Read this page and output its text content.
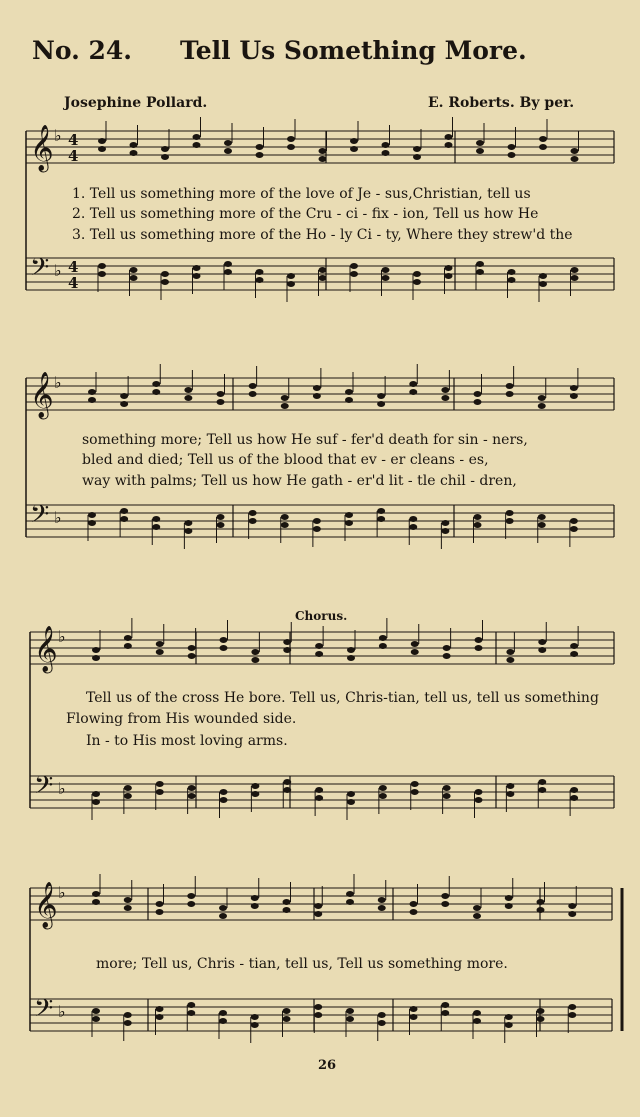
No. 24. Tell Us Something More.
Josephine Pollard.	E. Roberts. By per.
𝄞
𝄢
♭
♭
4
4
4
4
𝄞
𝄢
♭
♭
𝄞
𝄢
♭
♭
𝄞
𝄢
♭
♭
1. Tell us something more of the love of Je - sus,Christian, tell us
2. Tell us something more of the Cru - ci - fix - ion, Tell us how He
3. Tell us something more of the Ho - ly Ci - ty, Where they strew'd the
something more; Tell us how He suf - fer'd death for sin - ners,
bled and died; Tell us of the blood that ev - er cleans - es,
way with palms; Tell us how He gath - er'd lit - tle chil - dren,
Chorus.
Tell us of the cross He bore. Tell us, Chris-tian, tell us, tell us something
Flowing from His wounded side.
In - to His most loving arms.
more; Tell us, Chris - tian, tell us, Tell us something more.
26
